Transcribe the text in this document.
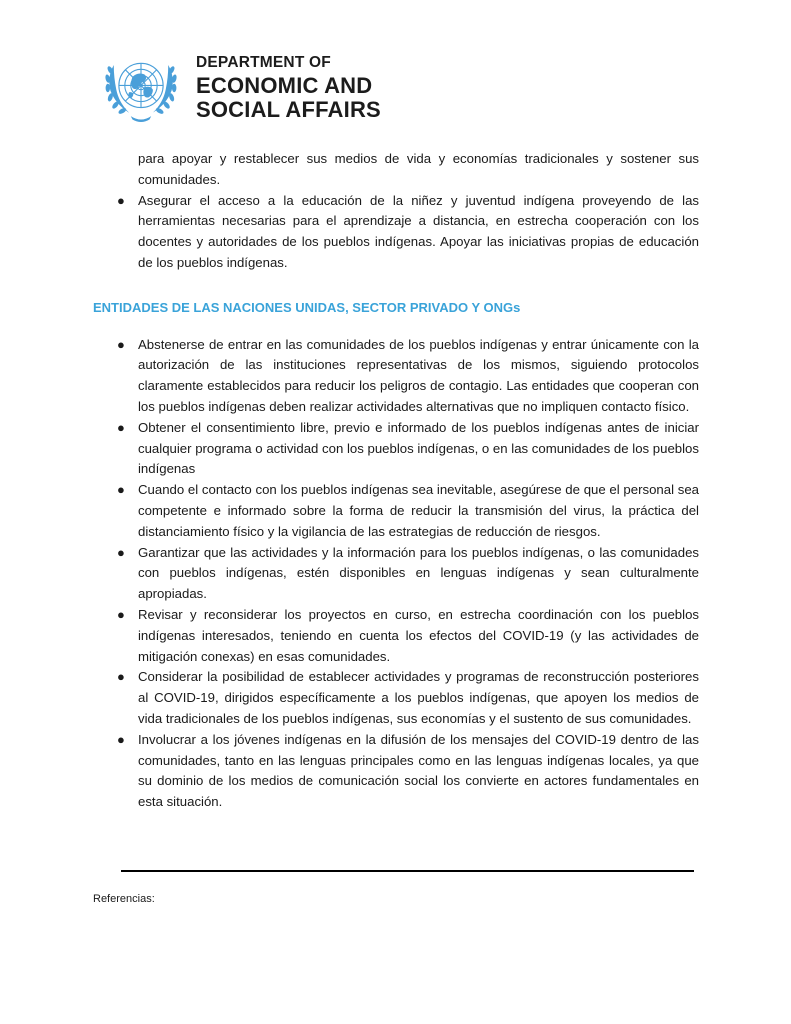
DEPARTMENT OF
ECONOMIC AND
SOCIAL AFFAIRS

para apoyar y restablecer sus medios de vida y economías tradicionales y sostener sus comunidades.

● Asegurar el acceso a la educación de la niñez y juventud indígena proveyendo de las herramientas necesarias para el aprendizaje a distancia, en estrecha cooperación con los docentes y autoridades de los pueblos indígenas. Apoyar las iniciativas propias de educación de los pueblos indígenas.

ENTIDADES DE LAS NACIONES UNIDAS, SECTOR PRIVADO Y ONGs

● Abstenerse de entrar en las comunidades de los pueblos indígenas y entrar únicamente con la autorización de las instituciones representativas de los mismos, siguiendo protocolos claramente establecidos para reducir los peligros de contagio. Las entidades que cooperan con los pueblos indígenas deben realizar actividades alternativas que no impliquen contacto físico.

● Obtener el consentimiento libre, previo e informado de los pueblos indígenas antes de iniciar cualquier programa o actividad con los pueblos indígenas, o en las comunidades de los pueblos indígenas

● Cuando el contacto con los pueblos indígenas sea inevitable, asegúrese de que el personal sea competente e informado sobre la forma de reducir la transmisión del virus, la práctica del distanciamiento físico y la vigilancia de las estrategias de reducción de riesgos.

● Garantizar que las actividades y la información para los pueblos indígenas, o las comunidades con pueblos indígenas, estén disponibles en lenguas indígenas y sean culturalmente apropiadas.

● Revisar y reconsiderar los proyectos en curso, en estrecha coordinación con los pueblos indígenas interesados, teniendo en cuenta los efectos del COVID-19 (y las actividades de mitigación conexas) en esas comunidades.

● Considerar la posibilidad de establecer actividades y programas de reconstrucción posteriores al COVID-19, dirigidos específicamente a los pueblos indígenas, que apoyen los medios de vida tradicionales de los pueblos indígenas, sus economías y el sustento de sus comunidades.

● Involucrar a los jóvenes indígenas en la difusión de los mensajes del COVID-19 dentro de las comunidades, tanto en las lenguas principales como en las lenguas indígenas locales, ya que su dominio de los medios de comunicación social los convierte en actores fundamentales en esta situación.

Referencias:
